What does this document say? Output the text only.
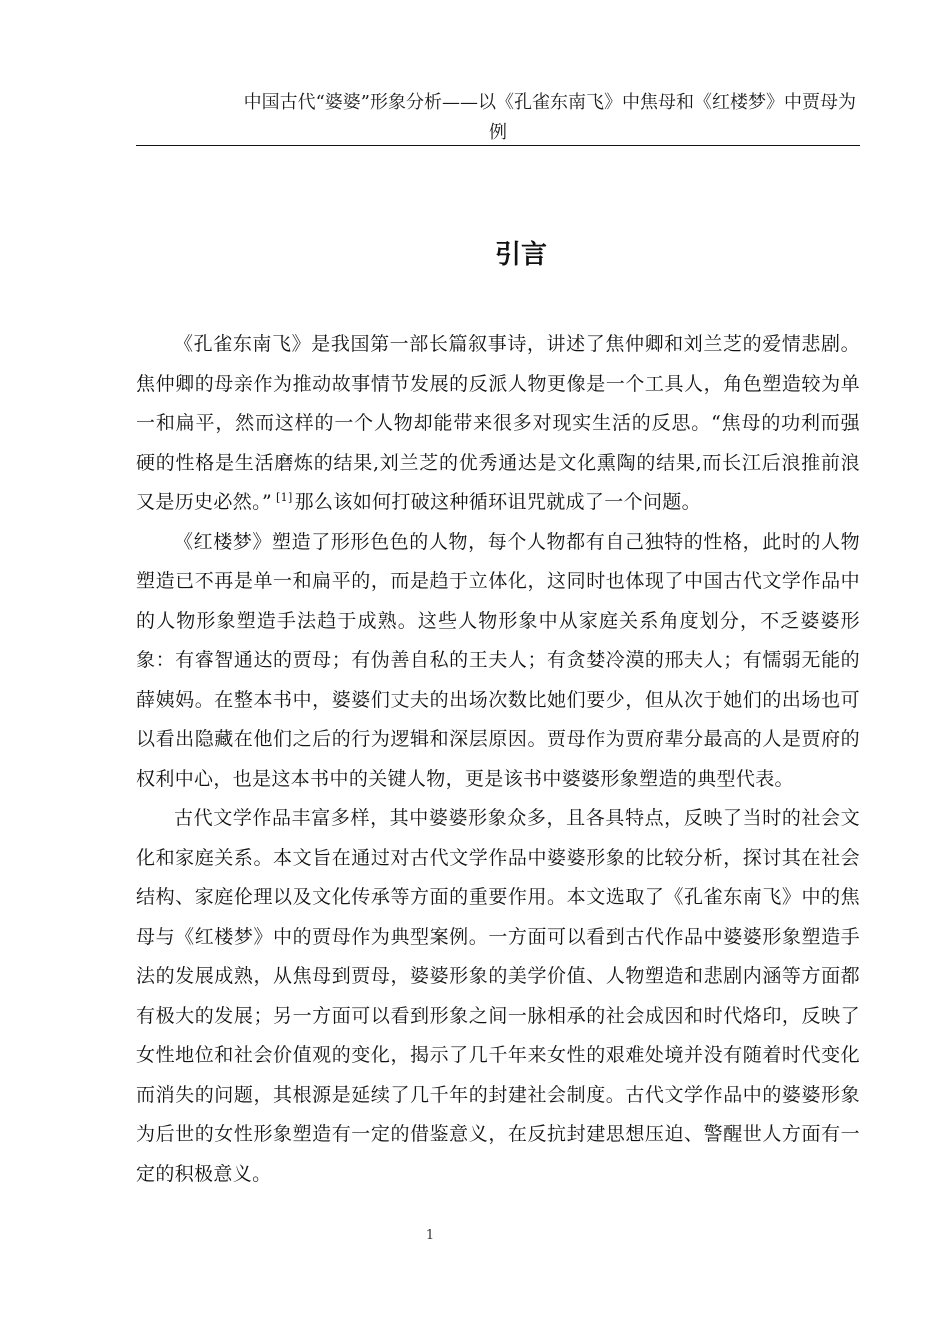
中国古代“婆婆”形象分析——以《孔雀东南飞》中焦母和《红楼梦》中贾母为
例
引言

《孔雀东南飞》是我国第一部长篇叙事诗，讲述了焦仲卿和刘兰芝的爱情悲剧。焦仲卿的母亲作为推动故事情节发展的反派人物更像是一个工具人，角色塑造较为单一和扁平，然而这样的一个人物却能带来很多对现实生活的反思。“焦母的功利而强硬的性格是生活磨炼的结果,刘兰芝的优秀通达是文化熏陶的结果,而长江后浪推前浪又是历史必然。” [1] 那么该如何打破这种循环诅咒就成了一个问题。

《红楼梦》塑造了形形色色的人物，每个人物都有自己独特的性格，此时的人物塑造已不再是单一和扁平的，而是趋于立体化，这同时也体现了中国古代文学作品中的人物形象塑造手法趋于成熟。这些人物形象中从家庭关系角度划分，不乏婆婆形象：有睿智通达的贾母；有伪善自私的王夫人；有贪婪冷漠的邢夫人；有懦弱无能的薛姨妈。在整本书中，婆婆们丈夫的出场次数比她们要少，但从次于她们的出场也可以看出隐藏在他们之后的行为逻辑和深层原因。贾母作为贾府辈分最高的人是贾府的权利中心，也是这本书中的关键人物，更是该书中婆婆形象塑造的典型代表。

古代文学作品丰富多样，其中婆婆形象众多，且各具特点，反映了当时的社会文化和家庭关系。本文旨在通过对古代文学作品中婆婆形象的比较分析，探讨其在社会结构、家庭伦理以及文化传承等方面的重要作用。本文选取了《孔雀东南飞》中的焦母与《红楼梦》中的贾母作为典型案例。一方面可以看到古代作品中婆婆形象塑造手法的发展成熟，从焦母到贾母，婆婆形象的美学价值、人物塑造和悲剧内涵等方面都有极大的发展；另一方面可以看到形象之间一脉相承的社会成因和时代烙印，反映了女性地位和社会价值观的变化，揭示了几千年来女性的艰难处境并没有随着时代变化而消失的问题，其根源是延续了几千年的封建社会制度。古代文学作品中的婆婆形象为后世的女性形象塑造有一定的借鉴意义，在反抗封建思想压迫、警醒世人方面有一定的积极意义。

1
